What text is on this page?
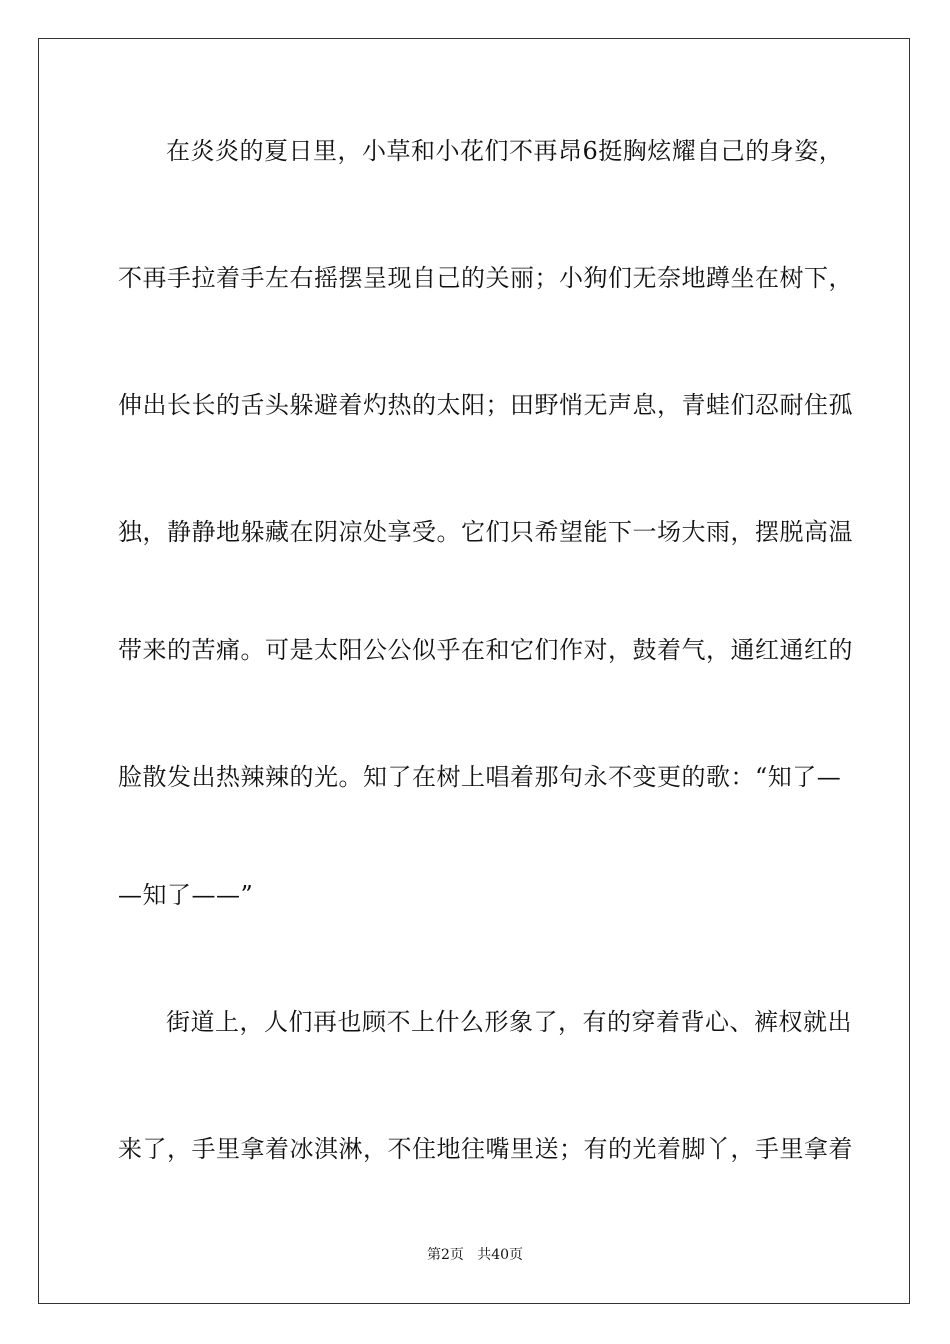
在炎炎的夏日里，小草和小花们不再昂6挺胸炫耀自己的身姿，
不再手拉着手左右摇摆呈现自己的关丽；小狗们无奈地蹲坐在树下，
伸出长长的舌头躲避着灼热的太阳；田野悄无声息，青蛙们忍耐住孤
独，静静地躲藏在阴凉处享受。它们只希望能下一场大雨，摆脱高温
带来的苦痛。可是太阳公公似乎在和它们作对，鼓着气，通红通红的
脸散发出热辣辣的光。知了在树上唱着那句永不变更的歌：“知了—
—知了——”
街道上，人们再也顾不上什么形象了，有的穿着背心、裤杈就出
来了，手里拿着冰淇淋，不住地往嘴里送；有的光着脚丫，手里拿着
第2页   共40页
